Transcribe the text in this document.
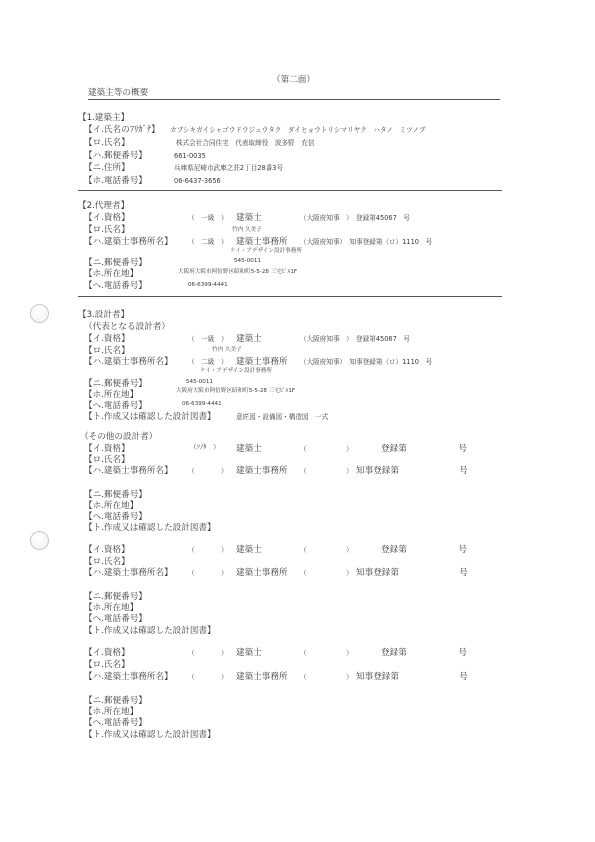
（第二面）
建築主等の概要
【1.建築主】
【イ.氏名のﾌﾘｶﾞﾅ】 カブシキガイシャゴウドウジュウタク　ダイヒョウトリシマリヤク　ハタノ　ミツノブ
【ロ.氏名】	株式会社合同住宅　代表取締役　波多野　充信
【ハ.郵便番号】	661-0035
【ニ.住所】	兵庫県尼崎市武庫之荘2丁目28番3号
【ホ.電話番号】	06-6437-3656
【2.代理者】
【イ.資格】	（　一級　） 建築士	（大阪府知事　）　登録第45067　号
【ロ.氏名】	竹内 久美子
【ハ.建築士事務所名】 （　二級　） 建築士事務所 （大阪府知事）　知事登録第（ロ）1110　号
ケイ・アデザイン設計事務所
【ニ.郵便番号】	545-0011
【ホ.所在地】	大阪府大阪市阿倍野区昭和町5-5-28 三宅ﾋﾞﾙ1F
【ヘ.電話番号】	06-6399-4441
【3.設計者】
（代表となる設計者）
【イ.資格】	（　一級　） 建築士	（大阪府知事　）　登録第45067　号
【ロ.氏名】	竹内 久美子
【ハ.建築士事務所名】 （　二級　） 建築士事務所 （大阪府知事）　知事登録第（ロ）1110　号
ケイ・アデザイン設計事務所
【ニ.郵便番号】	545-0011
【ホ.所在地】	大阪府大阪市阿倍野区昭和町5-5-28 三宅ﾋﾞﾙ1F
【ヘ.電話番号】	06-6399-4441
【ト.作成又は確認した設計図書】	意匠図・設備図・構造図　一式
（その他の設計者）
【イ.資格】	（ｿﾉﾀ　） 建築士	（　　　　　　）	登録第　　　　　　号
【ロ.氏名】
【ハ.建築士事務所名】 （　　　　） 建築士事務所 （　　　　　　） 知事登録第　　　　　　　号
【ニ.郵便番号】
【ホ.所在地】
【ヘ.電話番号】
【ト.作成又は確認した設計図書】
【イ.資格】	（　　　　） 建築士	（　　　　　　）	登録第　　　　　　号
【ロ.氏名】
【ハ.建築士事務所名】 （　　　　） 建築士事務所 （　　　　　　） 知事登録第　　　　　　　号
【ニ.郵便番号】
【ホ.所在地】
【ヘ.電話番号】
【ト.作成又は確認した設計図書】
【イ.資格】	（　　　　） 建築士	（　　　　　　）	登録第　　　　　　号
【ロ.氏名】
【ハ.建築士事務所名】 （　　　　） 建築士事務所 （　　　　　　） 知事登録第　　　　　　　号
【ニ.郵便番号】
【ホ.所在地】
【ヘ.電話番号】
【ト.作成又は確認した設計図書】
